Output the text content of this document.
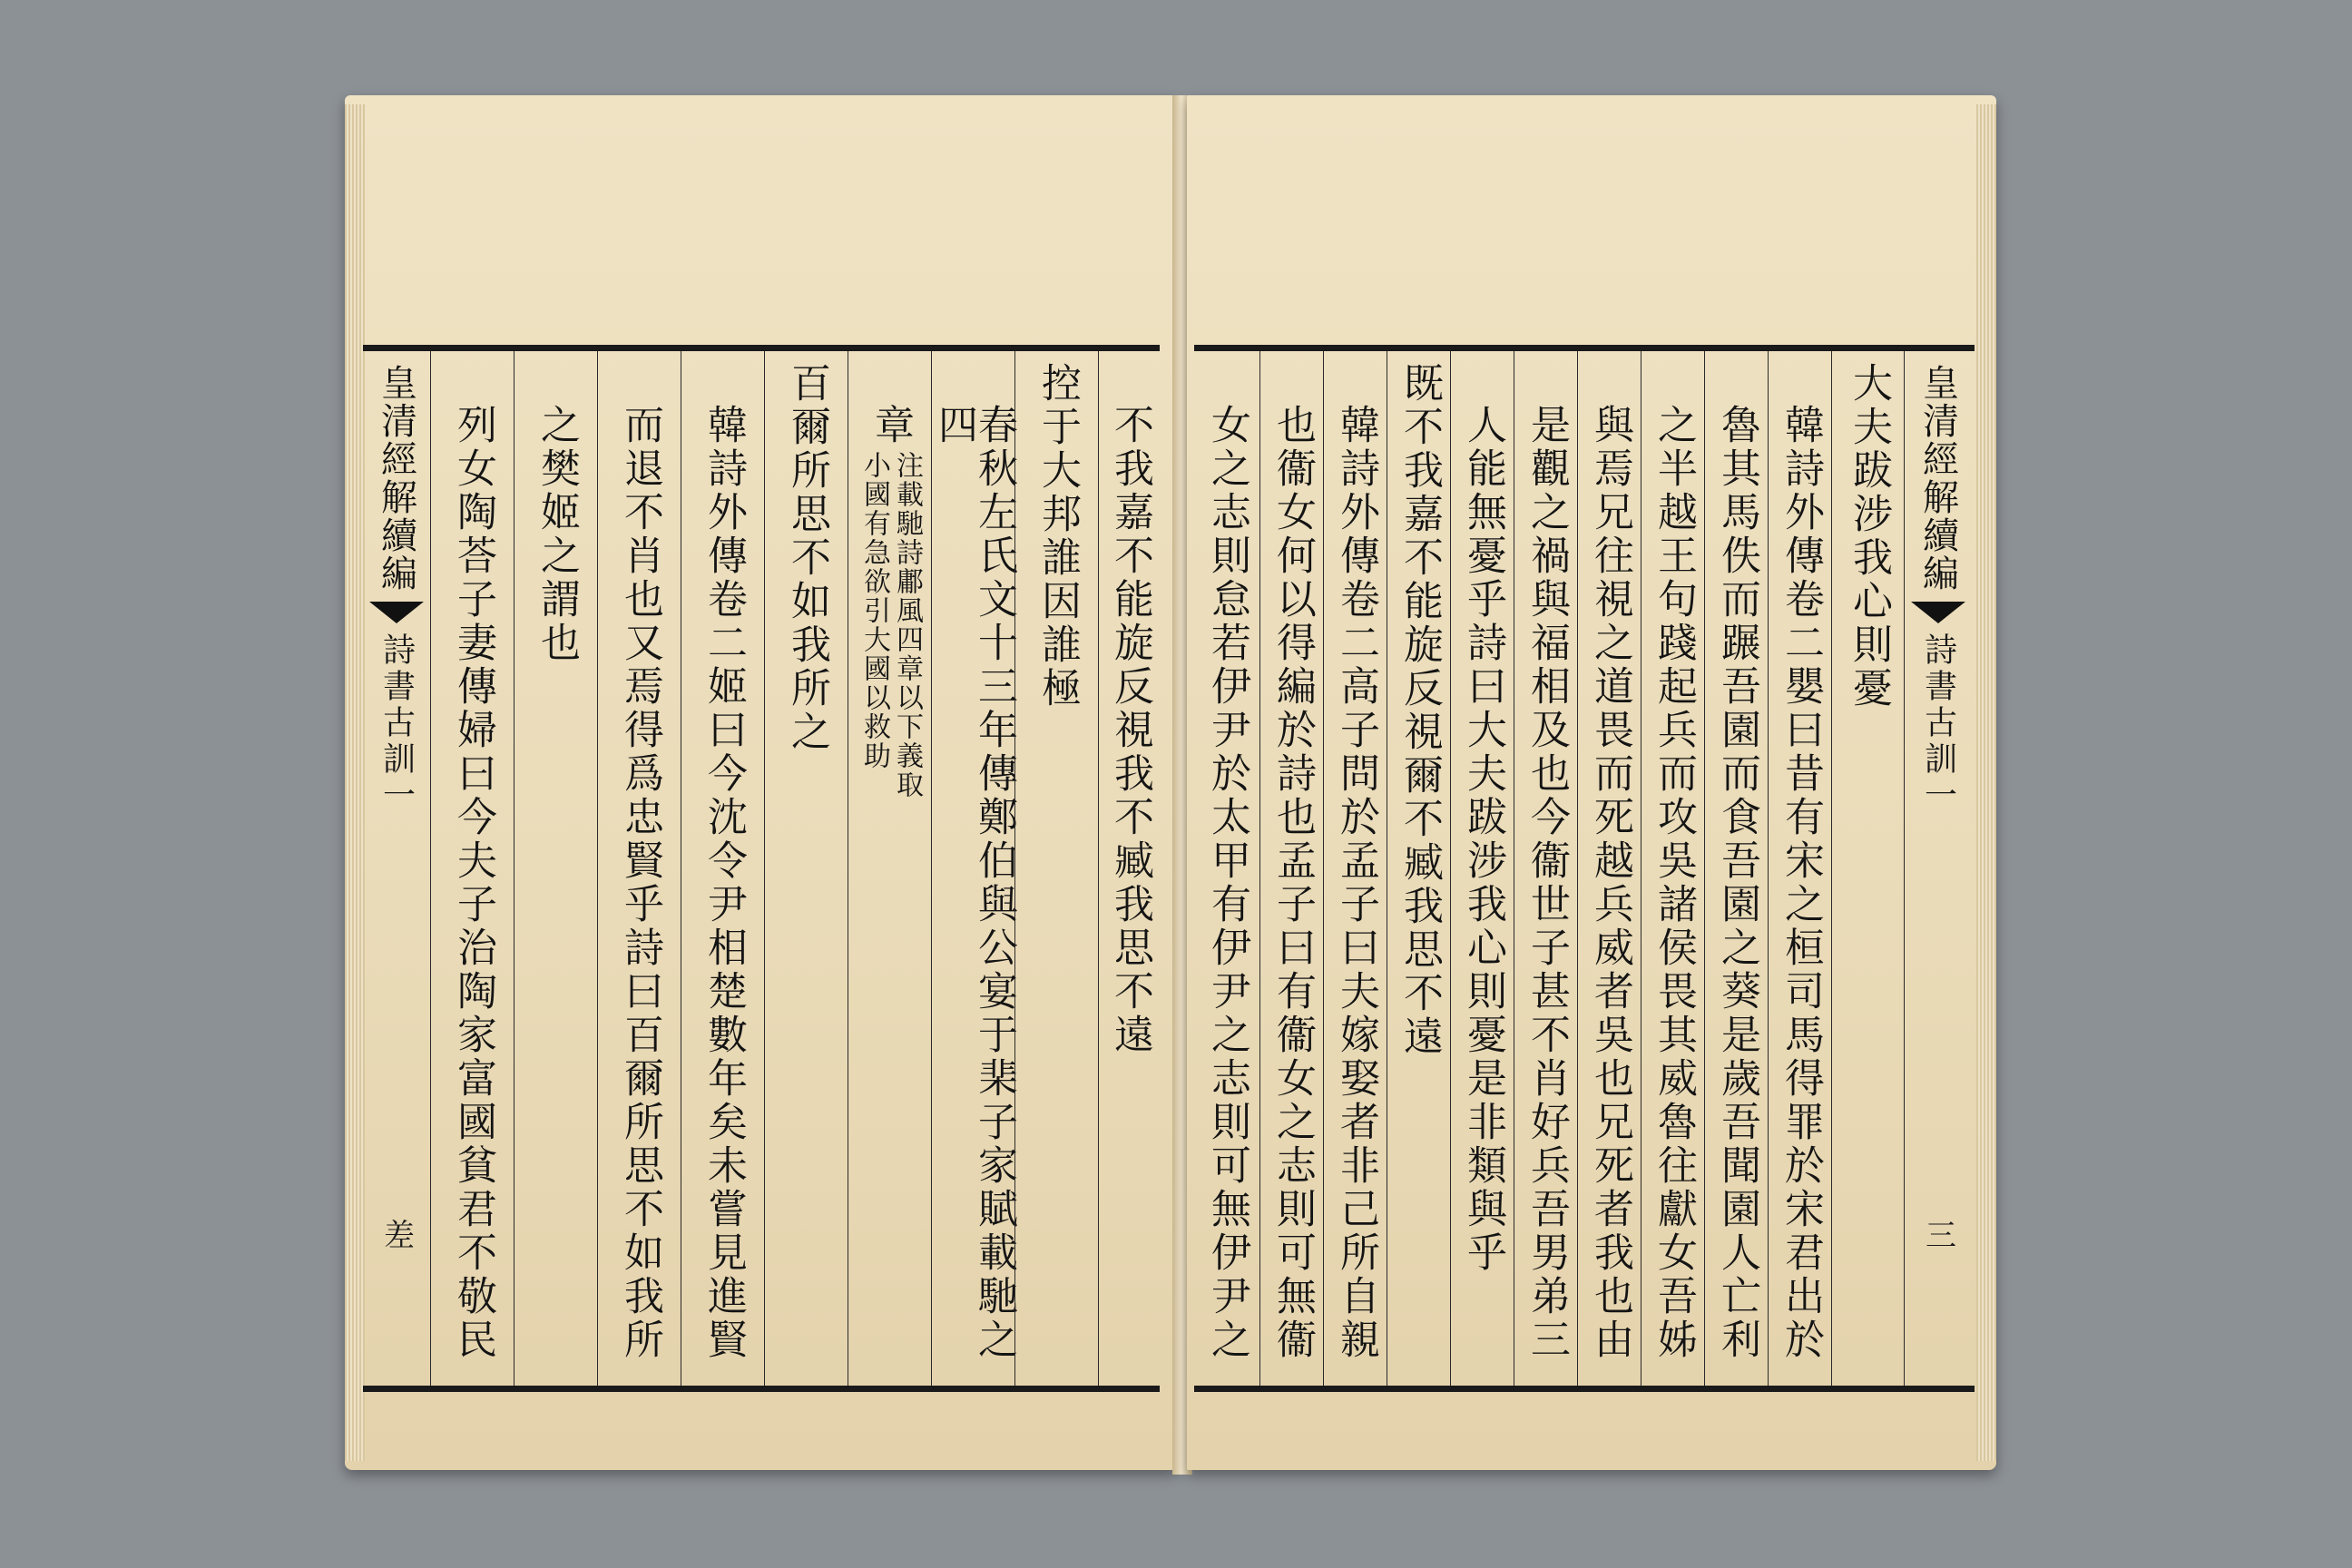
皇清經解續編
詩書古訓一
差 列女陶荅子妻傳婦曰今夫子治陶家富國貧君不敬民 之樊姬之謂也 而退不肖也又焉得爲忠賢乎詩曰百爾所思不如我所 韓詩外傳卷二姬曰今沈令尹相楚數年矣未嘗見進賢 百爾所思不如我所之 章
注載馳詩鄘風四章以下義取
小國有急欲引大國以救助	春秋左氏文十三年傳鄭伯與公宴于棐子家賦載馳之四	控于大邦誰因誰極 不我嘉不能旋反視我不臧我思不遠 女之志則怠若伊尹於太甲有伊尹之志則可無伊尹之 也衞女何以得編於詩也孟子曰有衞女之志則可無衞 韓詩外傳卷二高子問於孟子曰夫嫁娶者非己所自親 既不我嘉不能旋反視爾不臧我思不遠 人能無憂乎詩曰大夫跋涉我心則憂是非類與乎 是觀之禍與福相及也今衞世子甚不肖好兵吾男弟三 與焉兄往視之道畏而死越兵威者吳也兄死者我也由 之半越王句踐起兵而攻吳諸侯畏其威魯往獻女吾姊 魯其馬佚而蹍吾園而食吾園之葵是歲吾聞園人亡利 韓詩外傳卷二嬰曰昔有宋之桓司馬得罪於宋君出於 大夫跋涉我心則憂 皇清經解續編
詩書古訓一
三
